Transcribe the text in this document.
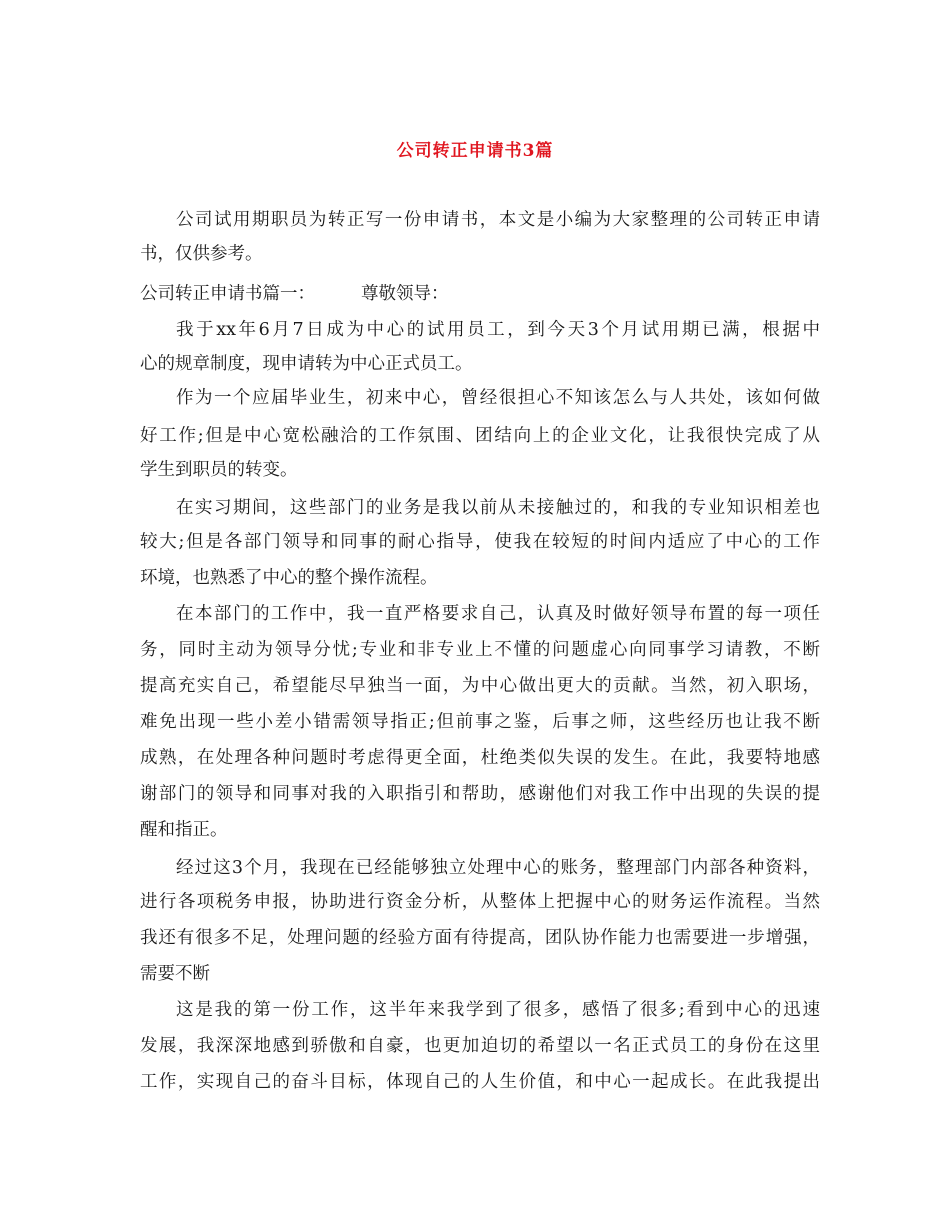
公司转正申请书3篇
公司试用期职员为转正写一份申请书，本文是小编为大家整理的公司转正申请
书，仅供参考。
公司转正申请书篇一：	尊敬领导：
我于xx年6月7日成为中心的试用员工，到今天3个月试用期已满，根据中
心的规章制度，现申请转为中心正式员工。
作为一个应届毕业生，初来中心，曾经很担心不知该怎么与人共处，该如何做
好工作;但是中心宽松融洽的工作氛围、团结向上的企业文化，让我很快完成了从
学生到职员的转变。
在实习期间，这些部门的业务是我以前从未接触过的，和我的专业知识相差也
较大;但是各部门领导和同事的耐心指导，使我在较短的时间内适应了中心的工作
环境，也熟悉了中心的整个操作流程。
在本部门的工作中，我一直严格要求自己，认真及时做好领导布置的每一项任
务，同时主动为领导分忧;专业和非专业上不懂的问题虚心向同事学习请教，不断
提高充实自己，希望能尽早独当一面，为中心做出更大的贡献。当然，初入职场，
难免出现一些小差小错需领导指正;但前事之鉴，后事之师，这些经历也让我不断
成熟，在处理各种问题时考虑得更全面，杜绝类似失误的发生。在此，我要特地感
谢部门的领导和同事对我的入职指引和帮助，感谢他们对我工作中出现的失误的提
醒和指正。
经过这3个月，我现在已经能够独立处理中心的账务，整理部门内部各种资料，
进行各项税务申报，协助进行资金分析，从整体上把握中心的财务运作流程。当然
我还有很多不足，处理问题的经验方面有待提高，团队协作能力也需要进一步增强，
需要不断
这是我的第一份工作，这半年来我学到了很多，感悟了很多;看到中心的迅速
发展，我深深地感到骄傲和自豪，也更加迫切的希望以一名正式员工的身份在这里
工作，实现自己的奋斗目标，体现自己的人生价值，和中心一起成长。在此我提出
